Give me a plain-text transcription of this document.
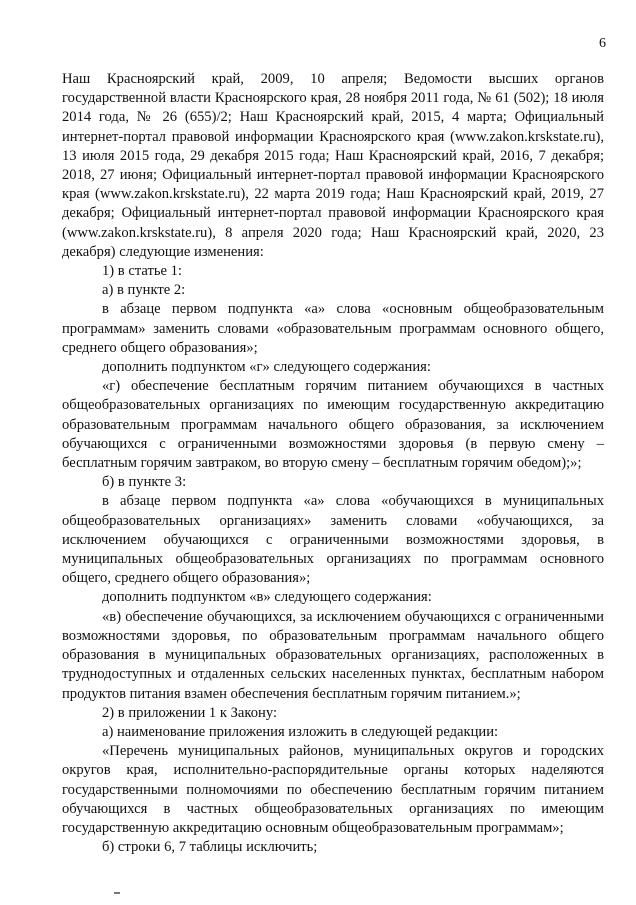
6

Наш Красноярский край, 2009, 10 апреля; Ведомости высших органов государственной власти Красноярского края, 28 ноября 2011 года, № 61 (502); 18 июля 2014 года, № 26 (655)/2; Наш Красноярский край, 2015, 4 марта; Официальный интернет-портал правовой информации Красноярского края (www.zakon.krskstate.ru), 13 июля 2015 года, 29 декабря 2015 года; Наш Красноярский край, 2016, 7 декабря; 2018, 27 июня; Официальный интернет-портал правовой информации Красноярского края (www.zakon.krskstate.ru), 22 марта 2019 года; Наш Красноярский край, 2019, 27 декабря; Официальный интернет-портал правовой информации Красноярского края (www.zakon.krskstate.ru), 8 апреля 2020 года; Наш Красноярский край, 2020, 23 декабря) следующие изменения:

1) в статье 1:

а) в пункте 2:

в абзаце первом подпункта «а» слова «основным общеобразовательным программам» заменить словами «образовательным программам основного общего, среднего общего образования»;

дополнить подпунктом «г» следующего содержания:

«г) обеспечение бесплатным горячим питанием обучающихся в частных общеобразовательных организациях по имеющим государственную аккредитацию образовательным программам начального общего образования, за исключением обучающихся с ограниченными возможностями здоровья (в первую смену – бесплатным горячим завтраком, во вторую смену – бесплатным горячим обедом);»;

б) в пункте 3:

в абзаце первом подпункта «а» слова «обучающихся в муниципальных общеобразовательных организациях» заменить словами «обучающихся, за исключением обучающихся с ограниченными возможностями здоровья, в муниципальных общеобразовательных организациях по программам основного общего, среднего общего образования»;

дополнить подпунктом «в» следующего содержания:

«в) обеспечение обучающихся, за исключением обучающихся с ограниченными возможностями здоровья, по образовательным программам начального общего образования в муниципальных образовательных организациях, расположенных в труднодоступных и отдаленных сельских населенных пунктах, бесплатным набором продуктов питания взамен обеспечения бесплатным горячим питанием.»;

2) в приложении 1 к Закону:

а) наименование приложения изложить в следующей редакции:

«Перечень муниципальных районов, муниципальных округов и городских округов края, исполнительно-распорядительные органы которых наделяются государственными полномочиями по обеспечению бесплатным горячим питанием обучающихся в частных общеобразовательных организациях по имеющим государственную аккредитацию основным общеобразовательным программам»;

б) строки 6, 7 таблицы исключить;
